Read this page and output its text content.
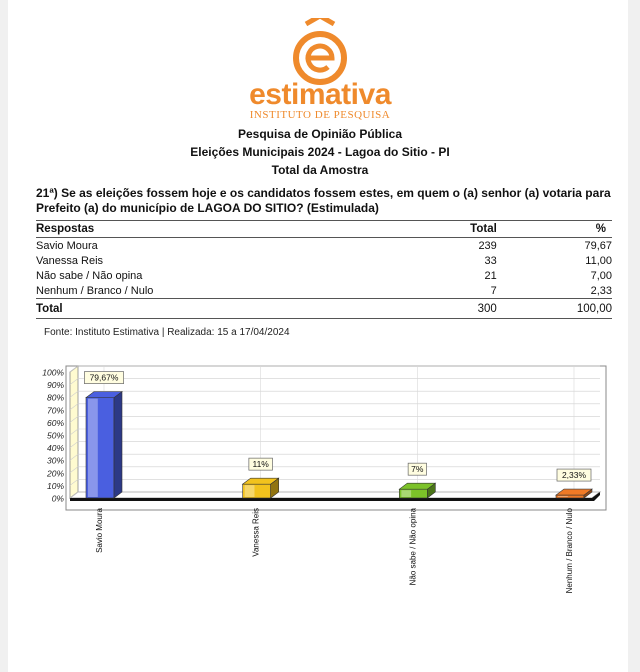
estimativa
INSTITUTO DE PESQUISA
Pesquisa de Opinião Pública
Eleições Municipais 2024 - Lagoa do Sitio - PI
Total da Amostra
21ª) Se as eleições fossem hoje e os candidatos fossem estes, em quem o (a) senhor (a) votaria para Prefeito (a) do município de LAGOA DO SITIO? (Estimulada)
Respostas	Total	%
Savio Moura	239	79,67
Vanessa Reis	33	11,00
Não sabe / Não opina	21	7,00
Nenhum / Branco / Nulo	7	2,33
Total	300	100,00
Fonte: Instituto Estimativa | Realizada: 15 a 17/04/2024
0%
10%
20%
30%
40%
50%
60%
70%
80%
90%
100%
79,67%
Savio Moura
11%
Vanessa Reis
7%
Não sabe / Não opina
2,33%
Nenhum / Branco / Nulo
